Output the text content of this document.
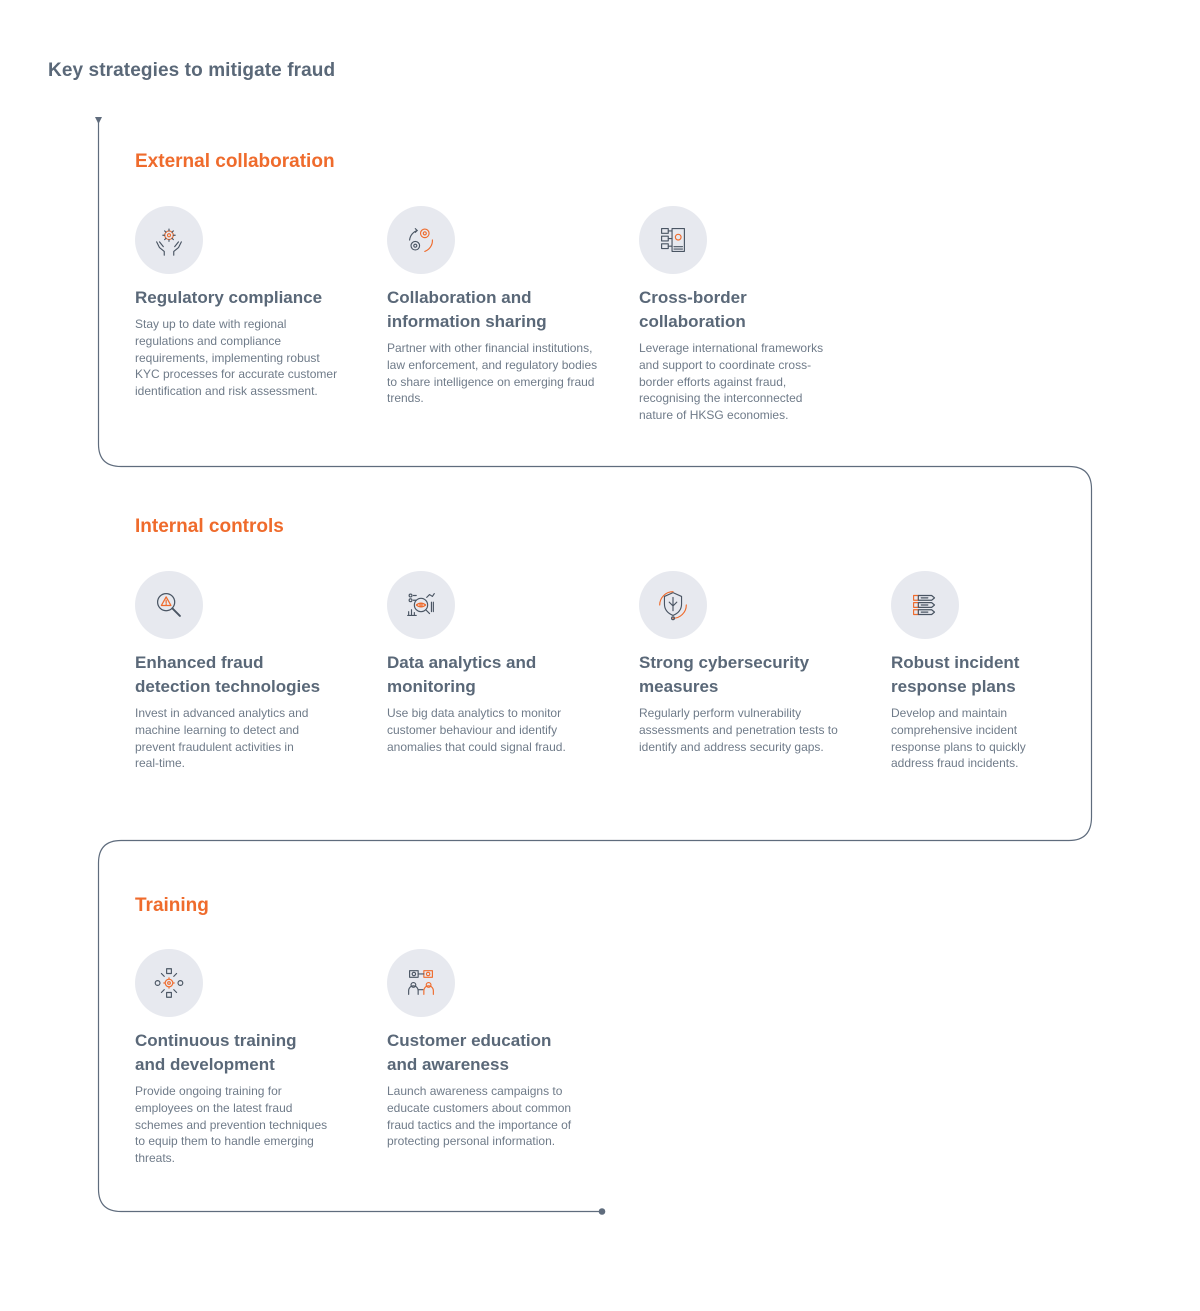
Key strategies to mitigate fraud
External collaboration

Regulatory compliance

Stay up to date with regional regulations and compliance requirements, implementing robust KYC processes for accurate customer identification and risk assessment.

Collaboration and information sharing

Partner with other financial institutions, law enforcement, and regulatory bodies to share intelligence on emerging fraud trends.

Cross-border collaboration

Leverage international frameworks and support to coordinate cross-border efforts against fraud, recognising the interconnected nature of HKSG economies.

Internal controls

Enhanced fraud detection technologies

Invest in advanced analytics and machine learning to detect and prevent fraudulent activities in real-time.

Data analytics and monitoring

Use big data analytics to monitor customer behaviour and identify anomalies that could signal fraud.

Strong cybersecurity measures

Regularly perform vulnerability assessments and penetration tests to identify and address security gaps.

Robust incident response plans

Develop and maintain comprehensive incident response plans to quickly address fraud incidents.

Training

Continuous training and development

Provide ongoing training for employees on the latest fraud schemes and prevention techniques to equip them to handle emerging threats.

Customer education and awareness

Launch awareness campaigns to educate customers about common fraud tactics and the importance of protecting personal information.
